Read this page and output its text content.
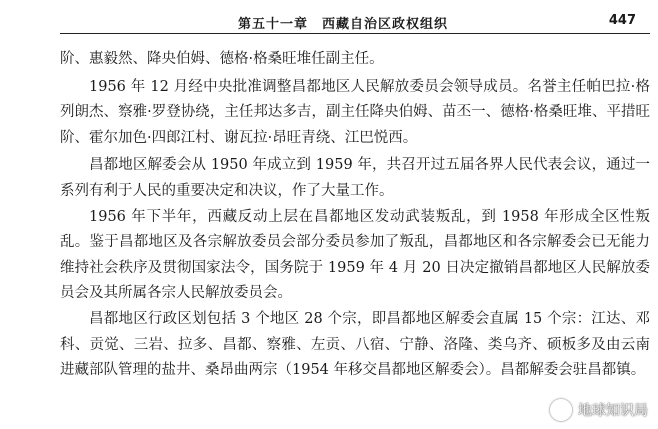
第五十一章　西藏自治区政权组织	447

阶、惠毅然、降央伯姆、德格·格桑旺堆任副主任。

1956 年 12 月经中央批准调整昌都地区人民解放委员会领导成员。名誉主任帕巴拉·格列朗杰、察雅·罗登协绕，主任邦达多吉，副主任降央伯姆、苗丕一、德格·格桑旺堆、平措旺阶、霍尔加色·四郎江村、谢瓦拉·昂旺青绕、江巴悦西。

昌都地区解委会从 1950 年成立到 1959 年，共召开过五届各界人民代表会议，通过一系列有利于人民的重要决定和决议，作了大量工作。

1956 年下半年，西藏反动上层在昌都地区发动武装叛乱，到 1958 年形成全区性叛乱。鉴于昌都地区及各宗解放委员会部分委员参加了叛乱，昌都地区和各宗解委会已无能力维持社会秩序及贯彻国家法令，国务院于 1959 年 4 月 20 日决定撤销昌都地区人民解放委员会及其所属各宗人民解放委员会。

昌都地区行政区划包括 3 个地区 28 个宗，即昌都地区解委会直属 15 个宗：江达、邓科、贡觉、三岩、拉多、昌都、察雅、左贡、八宿、宁静、洛隆、类乌齐、硕板多及由云南进藏部队管理的盐井、桑昂曲两宗（1954 年移交昌都地区解委会）。昌都解委会驻昌都镇。

地球知识局
